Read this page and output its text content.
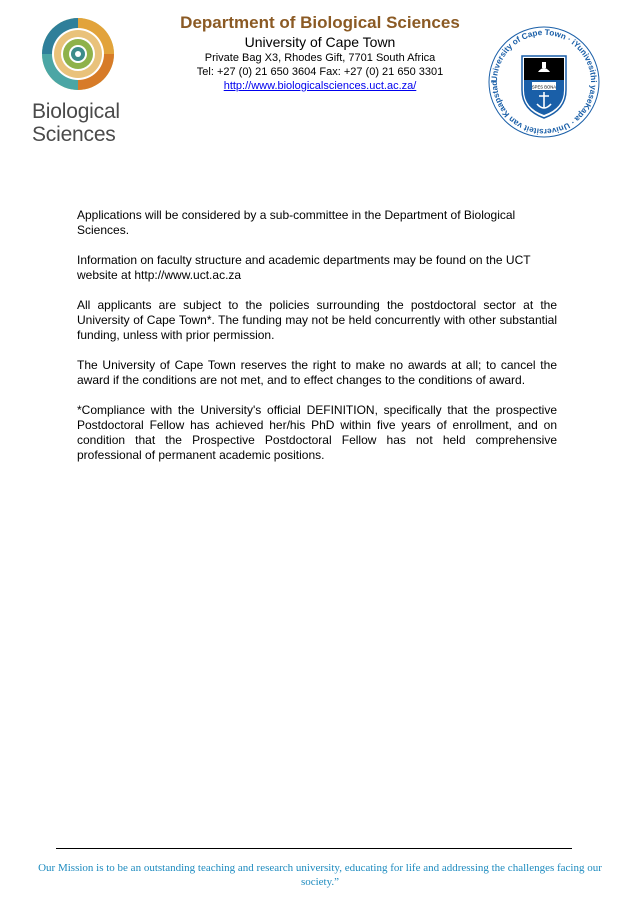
Biological
Sciences
Department of Biological Sciences
University of Cape Town
Private Bag X3, Rhodes Gift, 7701 South Africa
Tel: +27 (0) 21 650 3604 Fax: +27 (0) 21 650 3301
http://www.biologicalsciences.uct.ac.za/
University of Cape Town · iYunivesithi yaseKapa · Universiteit van Kaapstad
SPES BONA

Applications will be considered by a sub-committee in the Department of Biological Sciences.

Information on faculty structure and academic departments may be found on the UCT website at http://www.uct.ac.za

All applicants are subject to the policies surrounding the postdoctoral sector at the University of Cape Town*. The funding may not be held concurrently with other substantial funding, unless with prior permission.

The University of Cape Town reserves the right to make no awards at all; to cancel the award if the conditions are not met, and to effect changes to the conditions of award.

*Compliance with the University's official DEFINITION, specifically that the prospective Postdoctoral Fellow has achieved her/his PhD within five years of enrollment, and on condition that the Prospective Postdoctoral Fellow has not held comprehensive professional of permanent academic positions.

Our Mission is to be an outstanding teaching and research university, educating for life and addressing the challenges facing our society.”
